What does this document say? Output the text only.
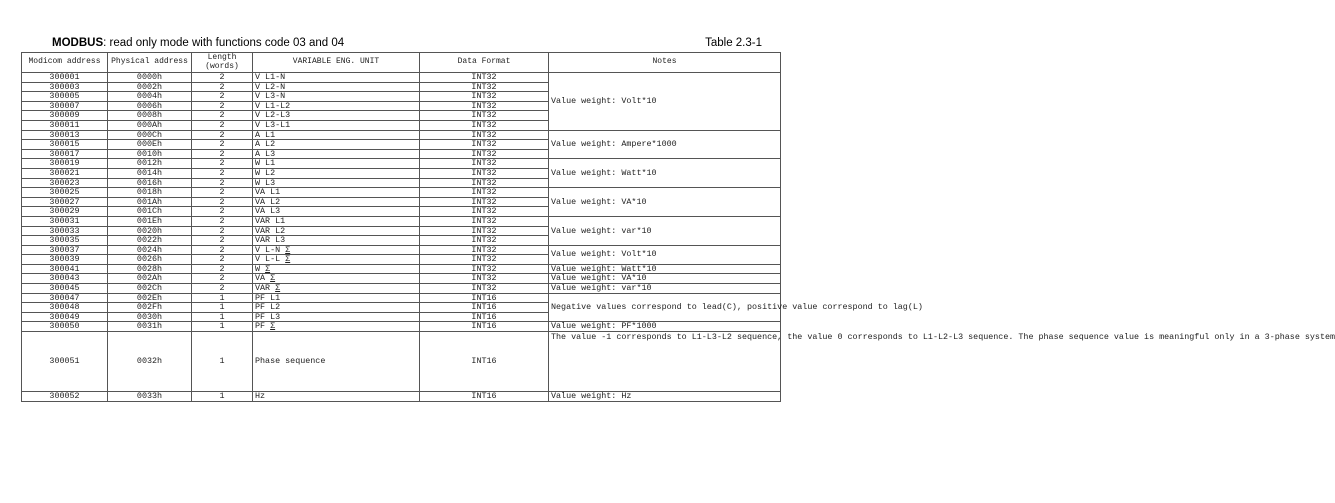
MODBUS: read only mode with functions code 03 and 04	Table 2.3-1
Modicom address	Physical address	Length (words)	VARIABLE ENG. UNIT	Data Format	Notes
300001	0000h	2	V L1-N	INT32	Value weight: Volt*10
300003	0002h	2	V L2-N	INT32	
300005	0004h	2	V L3-N	INT32	
300007	0006h	2	V L1-L2	INT32	
300009	0008h	2	V L2-L3	INT32	
300011	000Ah	2	V L3-L1	INT32	
300013	000Ch	2	A L1	INT32	Value weight: Ampere*1000
300015	000Eh	2	A L2	INT32	
300017	0010h	2	A L3	INT32	
300019	0012h	2	W L1	INT32	Value weight: Watt*10
300021	0014h	2	W L2	INT32	
300023	0016h	2	W L3	INT32	
300025	0018h	2	VA L1	INT32	Value weight: VA*10
300027	001Ah	2	VA L2	INT32	
300029	001Ch	2	VA L3	INT32	
300031	001Eh	2	VAR L1	INT32	Value weight: var*10
300033	0020h	2	VAR L2	INT32	
300035	0022h	2	VAR L3	INT32	
300037	0024h	2	V L-N Σ	INT32	Value weight: Volt*10
300039	0026h	2	V L-L Σ	INT32	
300041	0028h	2	W Σ	INT32	Value weight: Watt*10
300043	002Ah	2	VA Σ	INT32	Value weight: VA*10
300045	002Ch	2	VAR Σ	INT32	Value weight: var*10
300047	002Eh	1	PF L1	INT16	Negative values correspond to lead(C), positive value correspond to lag(L)
300048	002Fh	1	PF L2	INT16	
300049	0030h	1	PF L3	INT16	
300050	0031h	1	PF Σ	INT16	Value weight: PF*1000
300051	0032h	1	Phase sequence	INT16	The value -1 corresponds to L1-L3-L2 sequence, the value 0 corresponds to L1-L2-L3 sequence. The phase sequence value is meaningful only in a 3-phase system
300052	0033h	1	Hz	INT16	Value weight: Hz
